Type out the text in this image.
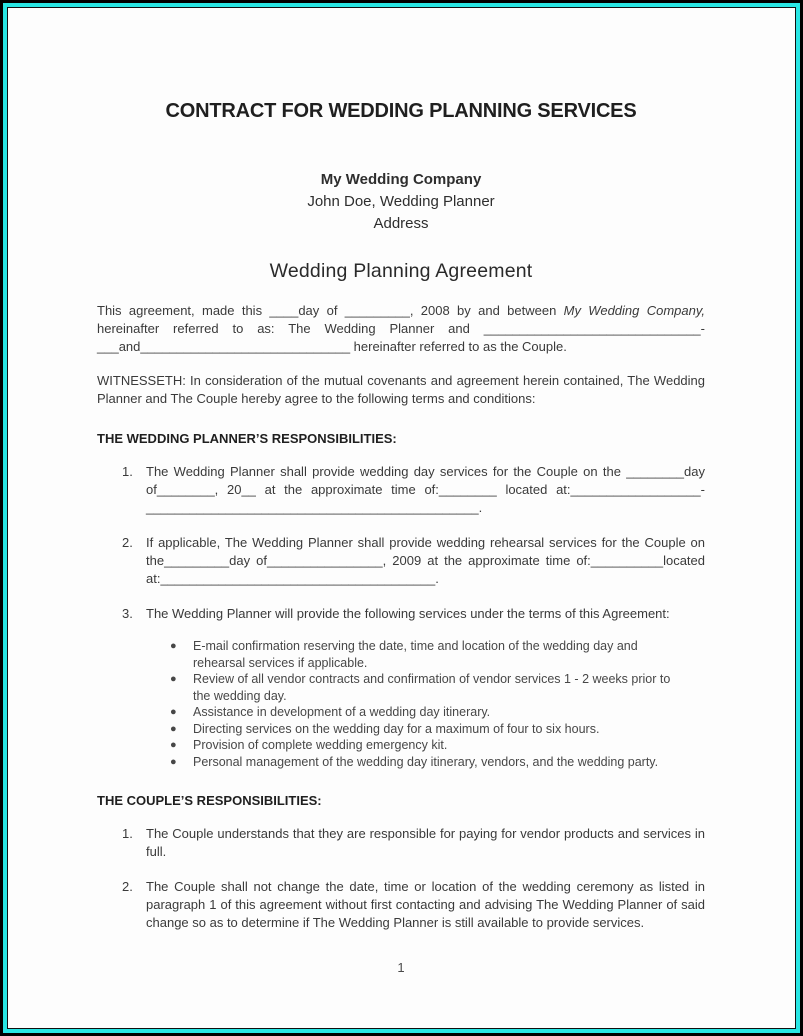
CONTRACT FOR WEDDING PLANNING SERVICES
My Wedding Company
John Doe, Wedding Planner
Address
Wedding Planning Agreement

This agreement, made this ____day of _________, 2008 by and between My Wedding Company, hereinafter referred to as: The Wedding Planner and ______________________________-___and_____________________________ hereinafter referred to as the Couple.

WITNESSETH: In consideration of the mutual covenants and agreement herein contained, The Wedding Planner and The Couple hereby agree to the following terms and conditions:

THE WEDDING PLANNER’S RESPONSIBILITIES:
1.	The Wedding Planner shall provide wedding day services for the Couple on the ________day of________, 20__ at the approximate time of:________ located at:__________________-______________________________________________.
2.	If applicable, The Wedding Planner shall provide wedding rehearsal services for the Couple on the_________day of________________, 2009 at the approximate time of:__________located at:______________________________________.
3.	The Wedding Planner will provide the following services under the terms of this Agreement:
●	E-mail confirmation reserving the date, time and location of the wedding day and rehearsal services if applicable.
●	Review of all vendor contracts and confirmation of vendor services 1 - 2 weeks prior to the wedding day.
●	Assistance in development of a wedding day itinerary.
●	Directing services on the wedding day for a maximum of four to six hours.
●	Provision of complete wedding emergency kit.
●	Personal management of the wedding day itinerary, vendors, and the wedding party.
THE COUPLE’S RESPONSIBILITIES:
1.	The Couple understands that they are responsible for paying for vendor products and services in full.
2.	The Couple shall not change the date, time or location of the wedding ceremony as listed in paragraph 1 of this agreement without first contacting and advising The Wedding Planner of said change so as to determine if The Wedding Planner is still available to provide services.
1
